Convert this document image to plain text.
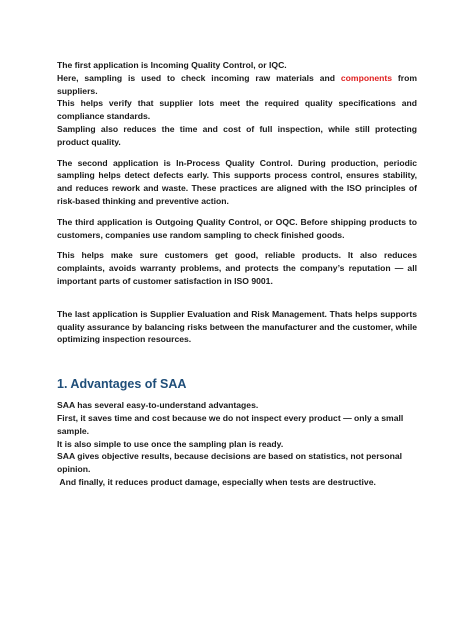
The first application is Incoming Quality Control, or IQC.
Here, sampling is used to check incoming raw materials and components from suppliers.

This helps verify that supplier lots meet the required quality specifications and compliance standards.

Sampling also reduces the time and cost of full inspection, while still protecting product quality.

The second application is In-Process Quality Control. During production, periodic sampling helps detect defects early. This supports process control, ensures stability, and reduces rework and waste. These practices are aligned with the ISO principles of risk-based thinking and preventive action.

The third application is Outgoing Quality Control, or OQC. Before shipping products to customers, companies use random sampling to check finished goods.

This helps make sure customers get good, reliable products. It also reduces complaints, avoids warranty problems, and protects the company’s reputation — all important parts of customer satisfaction in ISO 9001.

The last application is Supplier Evaluation and Risk Management. Thats helps supports quality assurance by balancing risks between the manufacturer and the customer, while optimizing inspection resources.

1. Advantages of SAA

SAA has several easy-to-understand advantages.

First, it saves time and cost because we do not inspect every product — only a small sample.

It is also simple to use once the sampling plan is ready.

SAA gives objective results, because decisions are based on statistics, not personal opinion.

And finally, it reduces product damage, especially when tests are destructive.
